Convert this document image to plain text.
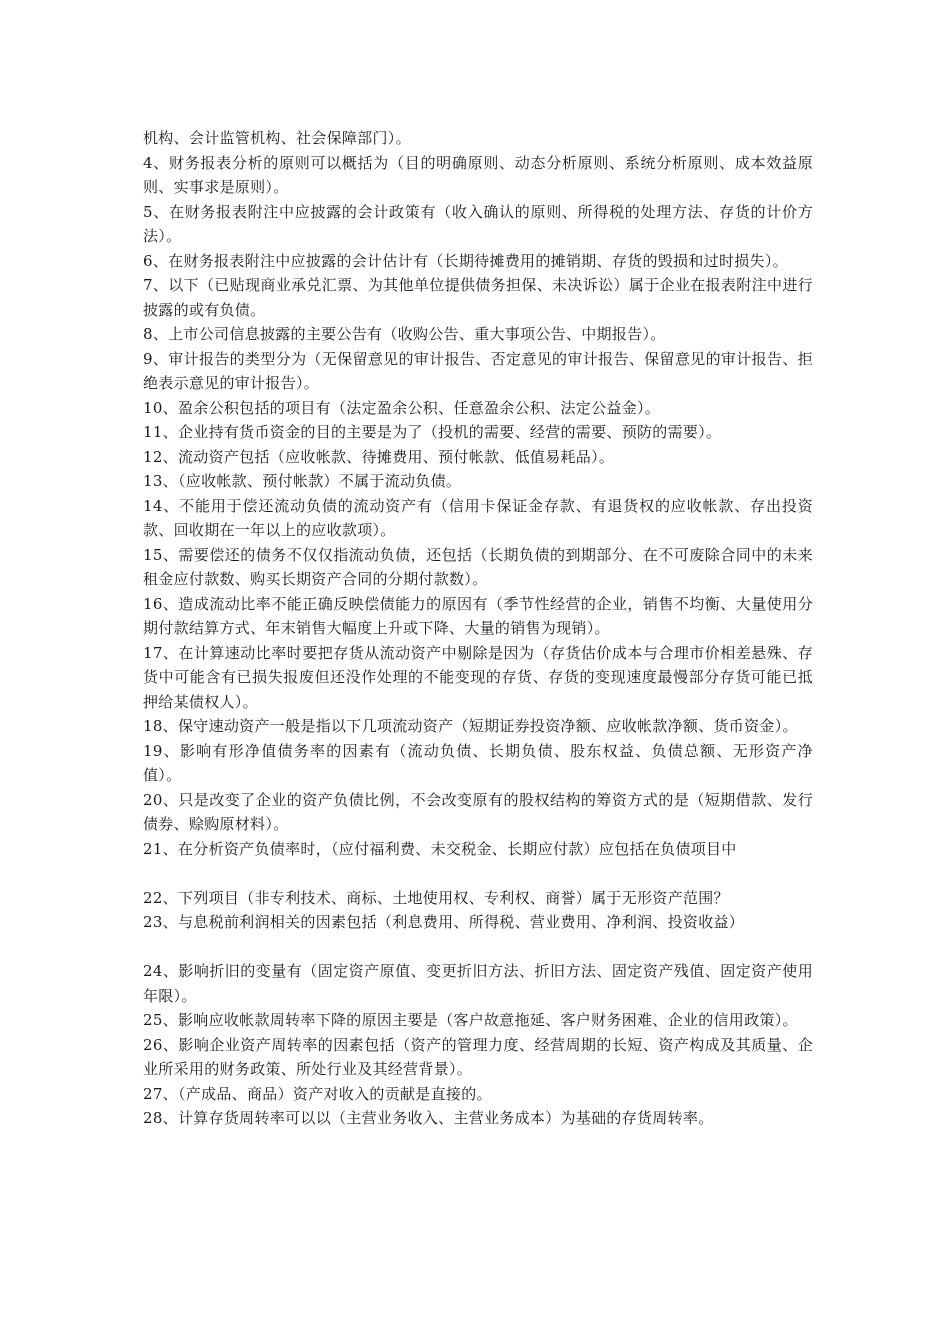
机构、会计监管机构、社会保障部门）。

4、财务报表分析的原则可以概括为（目的明确原则、动态分析原则、系统分析原则、成本效益原则、实事求是原则）。

5、在财务报表附注中应披露的会计政策有（收入确认的原则、所得税的处理方法、存货的计价方法）。

6、在财务报表附注中应披露的会计估计有（长期待摊费用的摊销期、存货的毁损和过时损失）。

7、以下（已贴现商业承兑汇票、为其他单位提供债务担保、未决诉讼）属于企业在报表附注中进行披露的或有负债。

8、上市公司信息披露的主要公告有（收购公告、重大事项公告、中期报告）。

9、审计报告的类型分为（无保留意见的审计报告、否定意见的审计报告、保留意见的审计报告、拒绝表示意见的审计报告）。

10、盈余公积包括的项目有（法定盈余公积、任意盈余公积、法定公益金）。

11、企业持有货币资金的目的主要是为了（投机的需要、经营的需要、预防的需要）。

12、流动资产包括（应收帐款、待摊费用、预付帐款、低值易耗品）。

13、（应收帐款、预付帐款）不属于流动负债。

14、不能用于偿还流动负债的流动资产有（信用卡保证金存款、有退货权的应收帐款、存出投资款、回收期在一年以上的应收款项）。

15、需要偿还的债务不仅仅指流动负债，还包括（长期负债的到期部分、在不可废除合同中的未来租金应付款数、购买长期资产合同的分期付款数）。

16、造成流动比率不能正确反映偿债能力的原因有（季节性经营的企业，销售不均衡、大量使用分期付款结算方式、年末销售大幅度上升或下降、大量的销售为现销）。

17、在计算速动比率时要把存货从流动资产中剔除是因为（存货估价成本与合理市价相差悬殊、存货中可能含有已损失报废但还没作处理的不能变现的存货、存货的变现速度最慢部分存货可能已抵押给某债权人）。

18、保守速动资产一般是指以下几项流动资产（短期证券投资净额、应收帐款净额、货币资金）。

19、影响有形净值债务率的因素有（流动负债、长期负债、股东权益、负债总额、无形资产净值）。

20、只是改变了企业的资产负债比例，不会改变原有的股权结构的筹资方式的是（短期借款、发行债券、赊购原材料）。

21、在分析资产负债率时，（应付福利费、未交税金、长期应付款）应包括在负债项目中

22、下列项目（非专利技术、商标、土地使用权、专利权、商誉）属于无形资产范围？

23、与息税前利润相关的因素包括（利息费用、所得税、营业费用、净利润、投资收益）

24、影响折旧的变量有（固定资产原值、变更折旧方法、折旧方法、固定资产残值、固定资产使用年限）。

25、影响应收帐款周转率下降的原因主要是（客户故意拖延、客户财务困难、企业的信用政策）。

26、影响企业资产周转率的因素包括（资产的管理力度、经营周期的长短、资产构成及其质量、企业所采用的财务政策、所处行业及其经营背景）。

27、（产成品、商品）资产对收入的贡献是直接的。

28、计算存货周转率可以以（主营业务收入、主营业务成本）为基础的存货周转率。
